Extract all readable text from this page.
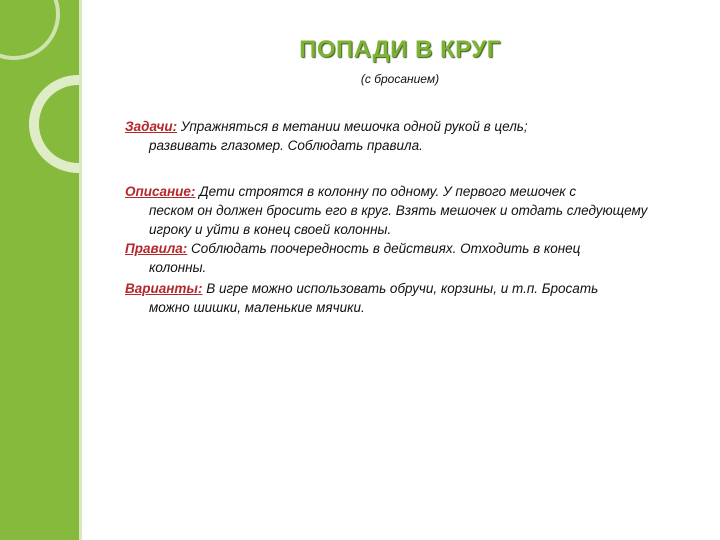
ПОПАДИ В КРУГ
(с бросанием)
Задачи: Упражняться в метании мешочка одной рукой в цель;
развивать глазомер. Соблюдать правила.
Описание: Дети строятся в колонну по одному. У первого мешочек с
песком он должен бросить его в круг. Взять мешочек и отдать следующему игроку и уйти в конец своей колонны.
Правила: Соблюдать поочередность в действиях. Отходить в конец
колонны.
Варианты: В игре можно использовать обручи, корзины, и т.п. Бросать
можно шишки, маленькие мячики.
